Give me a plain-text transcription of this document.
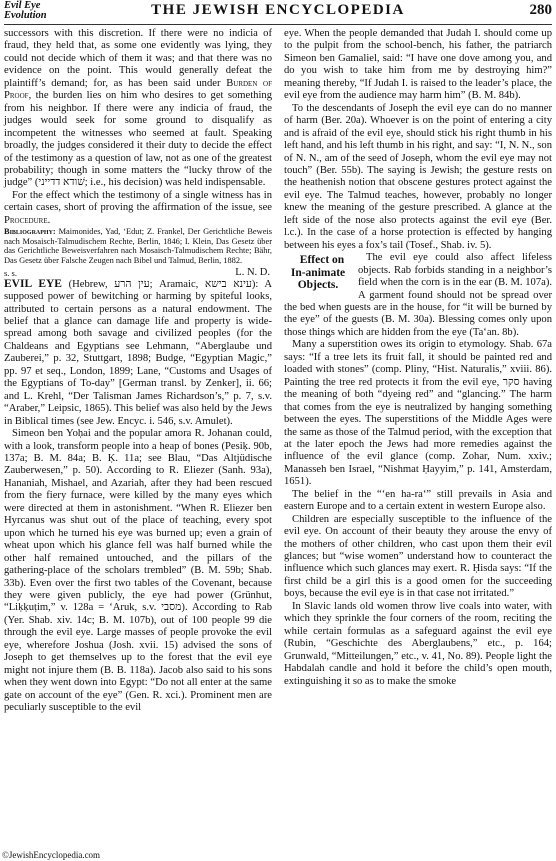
Evil Eye
Evolution	THE JEWISH ENCYCLOPEDIA	280

successors with this discretion. If there were no indicia of fraud, they held that, as some one evidently was lying, they could not decide which of them it was; and that there was no evidence on the point. This would generally defeat the plaintiff’s demand; for, as has been said under Burden of Proof, the burden lies on him who desires to get something from his neighbor. If there were any indicia of fraud, the judges would seek for some ground to disqualify as incompetent the witnesses who seemed at fault. Speaking broadly, the judges considered it their duty to decide the effect of the testimony as a question of law, not as one of the greatest probability; though in some matters the “lucky throw of the judge” (שׁודא דדייני; i.e., his decision) was held indispensable.

For the effect which the testimony of a single witness has in certain cases, short of proving the affirmation of the issue, see Procedure.

Bibliography: Maimonides, Yad, ‘Edut; Z. Frankel, Der Gerichtliche Beweis nach Mosaisch-Talmudischem Rechte, Berlin, 1846; I. Klein, Das Gesetz über das Gerichtliche Beweisverfahren nach Mosaisch-Talmudischem Rechte; Bähr, Das Gesetz über Falsche Zeugen nach Bibel und Talmud, Berlin, 1882.

s. s.	L. N. D.

EVIL EYE (Hebrew, עין הרע; Aramaic, עינא בישא): A supposed power of bewitching or harming by spiteful looks, attributed to certain persons as a natural endowment. The belief that a glance can damage life and property is wide-spread among both savage and civilized peoples (for the Chaldeans and Egyptians see Lehmann, “Aberglaube und Zauberei,” p. 32, Stuttgart, 1898; Budge, “Egyptian Magic,” pp. 97 et seq., London, 1899; Lane, “Customs and Usages of the Egyptians of To-day” [German transl. by Zenker], ii. 66; and L. Krehl, “Der Talisman James Richardson’s,” p. 7, s.v. “Araber,” Leipsic, 1865). This belief was also held by the Jews in Biblical times (see Jew. Encyc. i. 546, s.v. Amulet).

Simeon ben Yoḥai and the popular amora R. Johanan could, with a look, transform people into a heap of bones (Pesiḳ. 90b, 137a; B. M. 84a; B. Ḳ. 11a; see Blau, “Das Altjüdische Zauberwesen,” p. 50). According to R. Eliezer (Sanh. 93a), Hananiah, Mishael, and Azariah, after they had been rescued from the fiery furnace, were killed by the many eyes which were directed at them in astonishment. “When R. Eliezer ben Hyrcanus was shut out of the place of teaching, every spot upon which he turned his eye was burned up; even a grain of wheat upon which his glance fell was half burned while the other half remained untouched, and the pillars of the gathering-place of the scholars trembled” (B. M. 59b; Shab. 33b). Even over the first two tables of the Covenant, because they were given publicly, the eye had power (Grünhut, “Liḳḳuṭim,” v. 128a = ‘Aruk, s.v. מסבי). According to Rab (Yer. Shab. xiv. 14c; B. M. 107b), out of 100 people 99 die through the evil eye. Large masses of people provoke the evil eye, wherefore Joshua (Josh. xvii. 15) advised the sons of Joseph to get themselves up to the forest that the evil eye might not injure them (B. B. 118a). Jacob also said to his sons when they went down into Egypt: “Do not all enter at the same gate on account of the eye” (Gen. R. xci.). Prominent men are peculiarly susceptible to the evil

eye. When the people demanded that Judah I. should come up to the pulpit from the school-bench, his father, the patriarch Simeon ben Gamaliel, said: “I have one dove among you, and do you wish to take him from me by destroying him?” meaning thereby, “If Judah I. is raised to the leader’s place, the evil eye from the audience may harm him” (B. M. 84b).

To the descendants of Joseph the evil eye can do no manner of harm (Ber. 20a). Whoever is on the point of entering a city and is afraid of the evil eye, should stick his right thumb in his left hand, and his left thumb in his right, and say: “I, N. N., son of N. N., am of the seed of Joseph, whom the evil eye may not touch” (Ber. 55b). The saying is Jewish; the gesture rests on the heathenish notion that obscene gestures protect against the evil eye. The Talmud teaches, however, probably no longer knew the meaning of the gesture prescribed. A glance at the left side of the nose also protects against the evil eye (Ber. l.c.). In the case of a horse protection is effected by hanging between his eyes a fox’s tail (Tosef., Shab. iv. 5).

Effect on In-animate Objects.
The evil eye could also affect lifeless objects. Rab forbids standing in a neighbor’s field when the corn is in the ear (B. M. 107a). A garment found should not be spread over the bed when guests are in the house, for “it will be burned by the eye” of the guests (B. M. 30a). Blessing comes only upon those things which are hidden from the eye (Ta‘an. 8b).

Many a superstition owes its origin to etymology. Shab. 67a says: “If a tree lets its fruit fall, it should be painted red and loaded with stones” (comp. Pliny, “Hist. Naturalis,” xviii. 86). Painting the tree red protects it from the evil eye, סקר having the meaning of both “dyeing red” and “glancing.” The harm that comes from the eye is neutralized by hanging something between the eyes. The superstitions of the Middle Ages were the same as those of the Talmud period, with the exception that at the later epoch the Jews had more remedies against the influence of the evil glance (comp. Zohar, Num. xxiv.; Manasseh ben Israel, “Nishmat Ḥayyim,” p. 141, Amsterdam, 1651).

The belief in the “‘en ha-ra‘” still prevails in Asia and eastern Europe and to a certain extent in western Europe also.

Children are especially susceptible to the influence of the evil eye. On account of their beauty they arouse the envy of the mothers of other children, who cast upon them their evil glances; but “wise women” understand how to counteract the influence which such glances may exert. R. Ḥisda says: “If the first child be a girl this is a good omen for the succeeding boys, because the evil eye is in that case not irritated.”

In Slavic lands old women throw live coals into water, with which they sprinkle the four corners of the room, reciting the while certain formulas as a safeguard against the evil eye (Rubin, “Geschichte des Aberglaubens,” etc., p. 164; Grunwald, “Mitteilungen,” etc., v. 41, No. 89). People light the Habdalah candle and hold it before the child’s open mouth, extinguishing it so as to make the smoke

©JewishEncyclopedia.com
